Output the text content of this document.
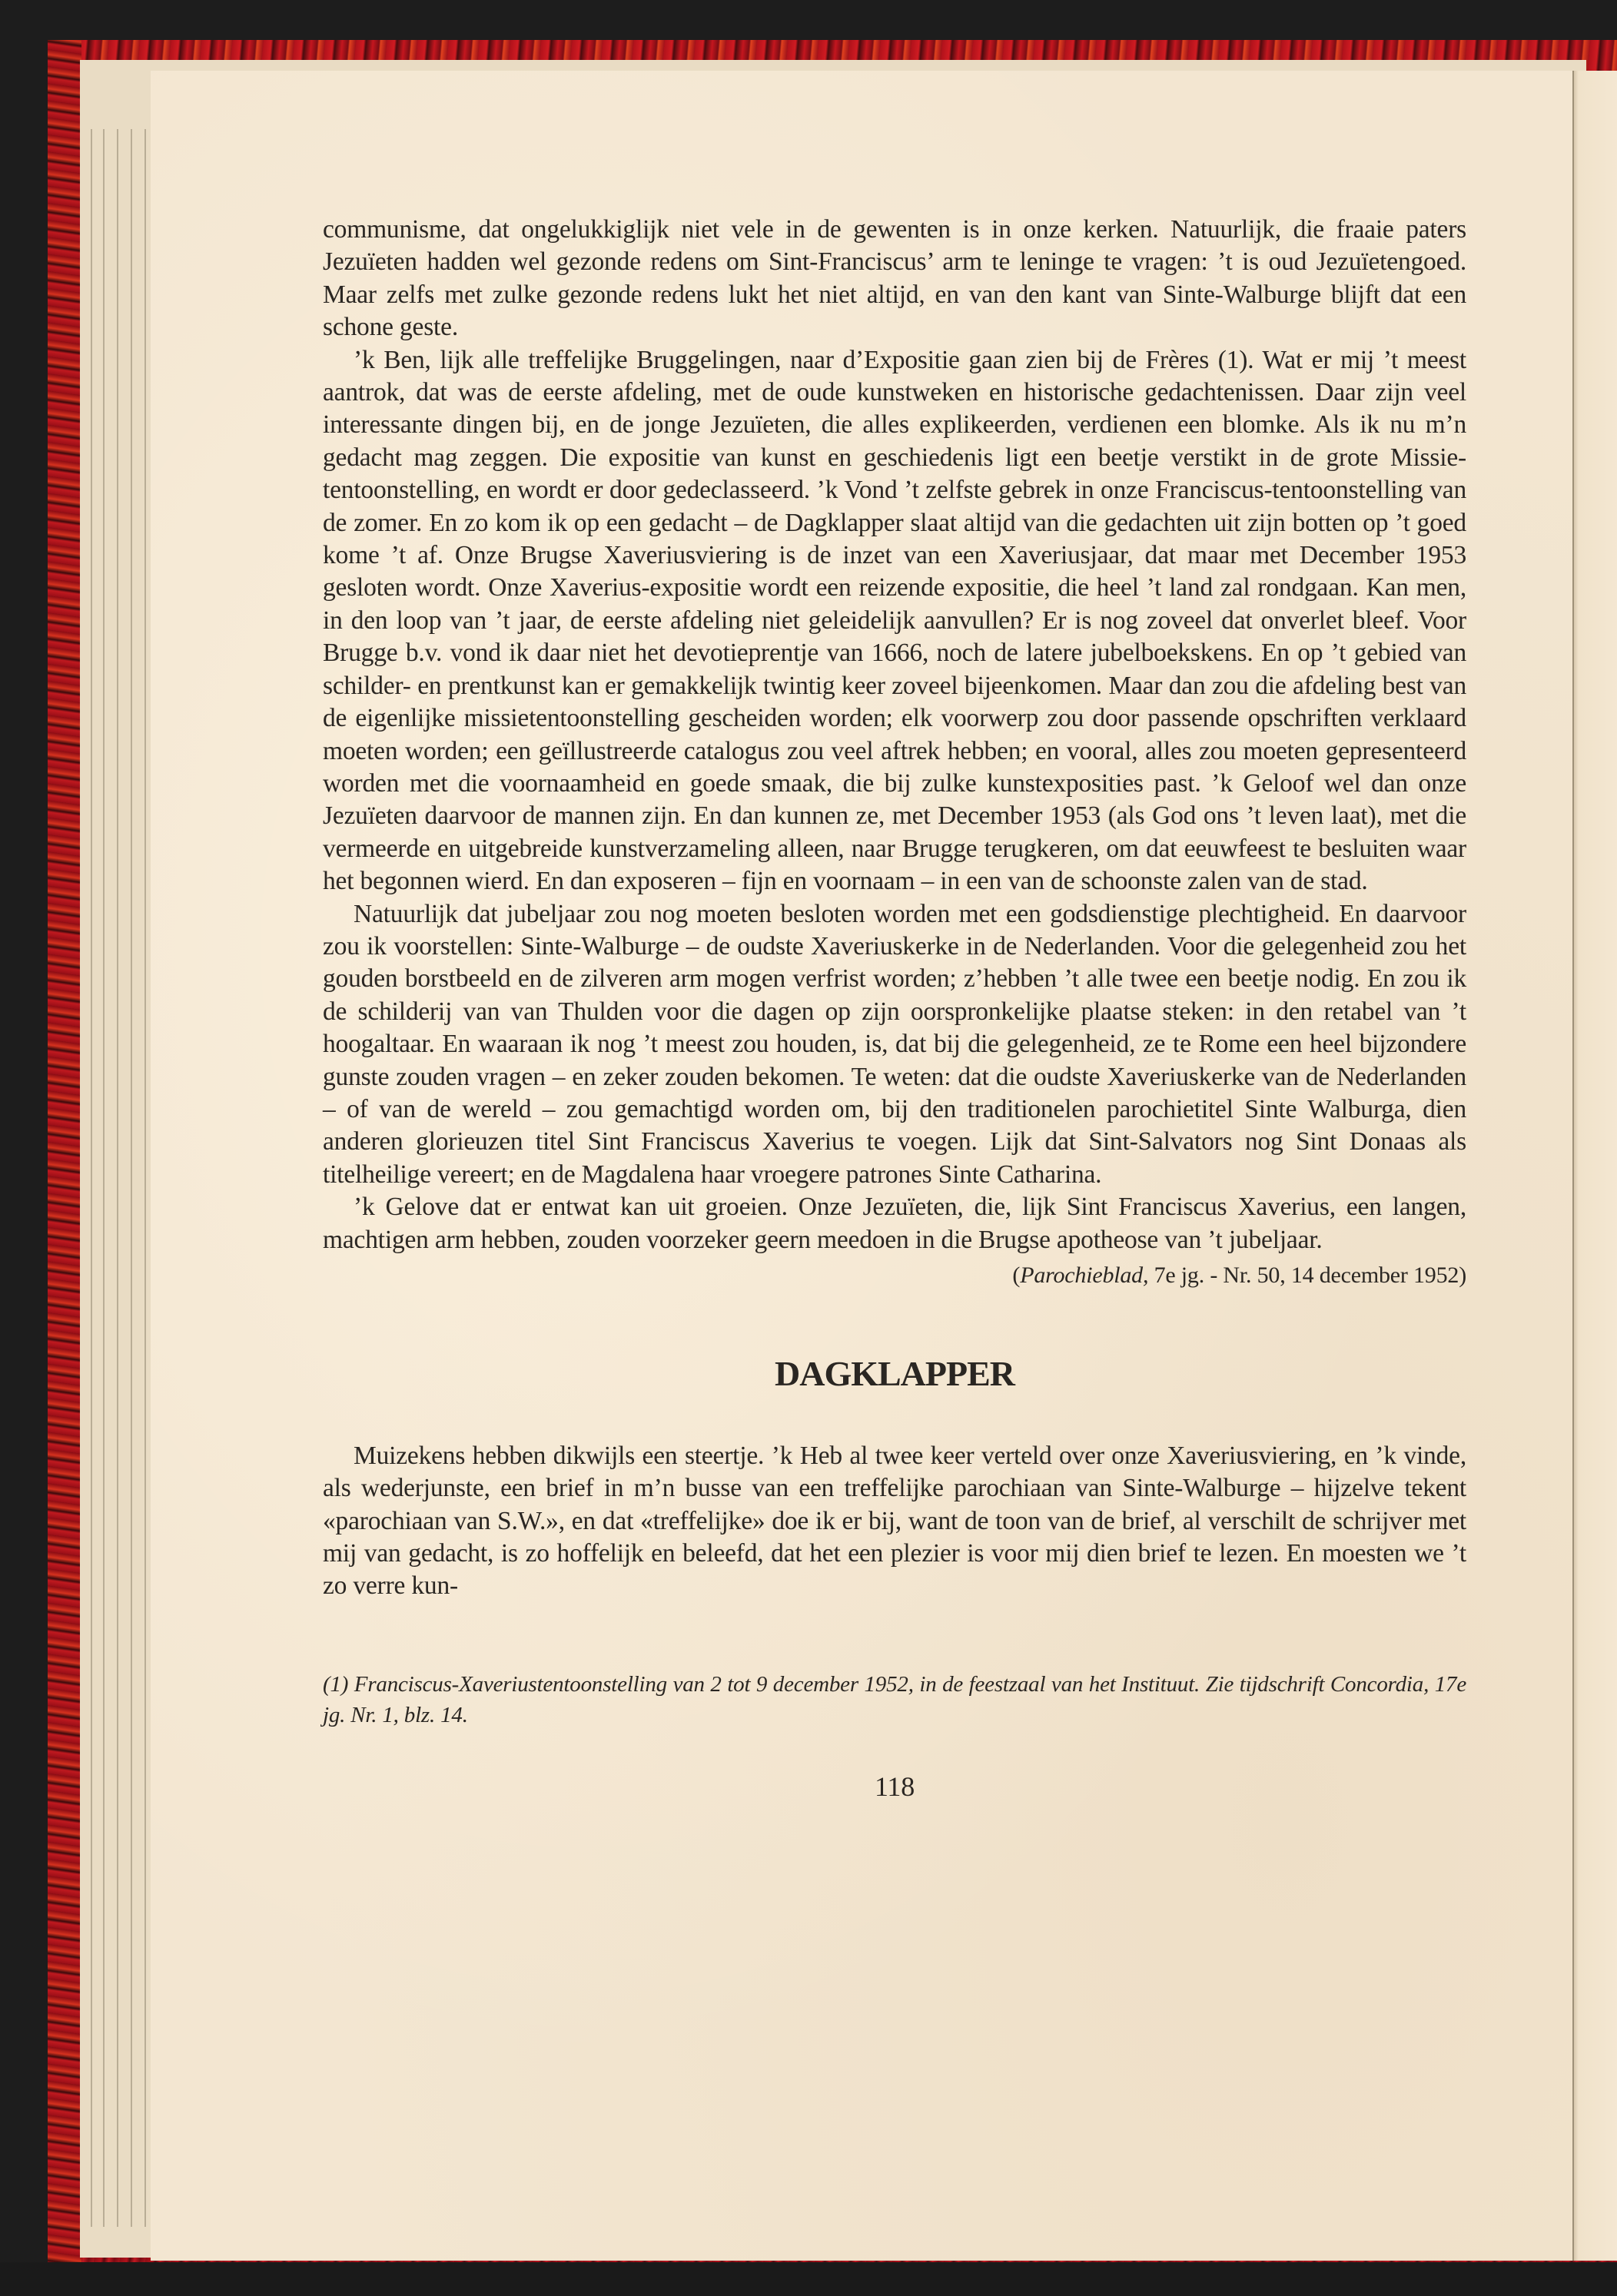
communisme, dat ongelukkiglijk niet vele in de gewenten is in onze kerken. Natuurlijk, die fraaie paters Jezuïeten hadden wel gezonde redens om Sint-Franciscus’ arm te leninge te vragen: ’t is oud Jezuïetengoed. Maar zelfs met zulke gezonde redens lukt het niet altijd, en van den kant van Sinte-Walburge blijft dat een schone geste.

’k Ben, lijk alle treffelijke Bruggelingen, naar d’Expositie gaan zien bij de Frères (1). Wat er mij ’t meest aantrok, dat was de eerste afdeling, met de oude kunstweken en historische gedachtenissen. Daar zijn veel interessante dingen bij, en de jonge Jezuïeten, die alles explikeerden, verdienen een blomke. Als ik nu m’n gedacht mag zeggen. Die expositie van kunst en geschiedenis ligt een beetje verstikt in de grote Missie-tentoonstelling, en wordt er door gedeclasseerd. ’k Vond ’t zelfste gebrek in onze Franciscus-tentoonstelling van de zomer. En zo kom ik op een gedacht – de Dagklapper slaat altijd van die gedachten uit zijn botten op ’t goed kome ’t af. Onze Brugse Xaveriusviering is de inzet van een Xaveriusjaar, dat maar met December 1953 gesloten wordt. Onze Xaverius-expositie wordt een reizende expositie, die heel ’t land zal rondgaan. Kan men, in den loop van ’t jaar, de eerste afdeling niet geleidelijk aanvullen? Er is nog zoveel dat onverlet bleef. Voor Brugge b.v. vond ik daar niet het devotieprentje van 1666, noch de latere jubelboekskens. En op ’t gebied van schilder- en prentkunst kan er gemakkelijk twintig keer zoveel bijeenkomen. Maar dan zou die afdeling best van de eigenlijke missietentoonstelling gescheiden worden; elk voorwerp zou door passende opschriften verklaard moeten worden; een geïllustreerde catalogus zou veel aftrek hebben; en vooral, alles zou moeten gepresenteerd worden met die voornaamheid en goede smaak, die bij zulke kunstexposities past. ’k Geloof wel dan onze Jezuïeten daarvoor de mannen zijn. En dan kunnen ze, met December 1953 (als God ons ’t leven laat), met die vermeerde en uitgebreide kunstverzameling alleen, naar Brugge terugkeren, om dat eeuwfeest te besluiten waar het begonnen wierd. En dan exposeren – fijn en voornaam – in een van de schoonste zalen van de stad.

Natuurlijk dat jubeljaar zou nog moeten besloten worden met een godsdienstige plechtigheid. En daarvoor zou ik voorstellen: Sinte-Walburge – de oudste Xaveriuskerke in de Nederlanden. Voor die gelegenheid zou het gouden borstbeeld en de zilveren arm mogen verfrist worden; z’hebben ’t alle twee een beetje nodig. En zou ik de schilderij van van Thulden voor die dagen op zijn oorspronkelijke plaatse steken: in den retabel van ’t hoogaltaar. En waaraan ik nog ’t meest zou houden, is, dat bij die gelegenheid, ze te Rome een heel bijzondere gunste zouden vragen – en zeker zouden bekomen. Te weten: dat die oudste Xaveriuskerke van de Nederlanden – of van de wereld – zou gemachtigd worden om, bij den traditionelen parochietitel Sinte Walburga, dien anderen glorieuzen titel Sint Franciscus Xaverius te voegen. Lijk dat Sint-Salvators nog Sint Donaas als titelheilige vereert; en de Magdalena haar vroegere patrones Sinte Catharina.

’k Gelove dat er entwat kan uit groeien. Onze Jezuïeten, die, lijk Sint Franciscus Xaverius, een langen, machtigen arm hebben, zouden voorzeker geern meedoen in die Brugse apotheose van ’t jubeljaar.

(Parochieblad, 7e jg. - Nr. 50, 14 december 1952)
DAGKLAPPER

Muizekens hebben dikwijls een steertje. ’k Heb al twee keer verteld over onze Xaveriusviering, en ’k vinde, als wederjunste, een brief in m’n busse van een treffelijke parochiaan van Sinte-Walburge – hijzelve tekent «parochiaan van S.W.», en dat «treffelijke» doe ik er bij, want de toon van de brief, al verschilt de schrijver met mij van gedacht, is zo hoffelijk en beleefd, dat het een plezier is voor mij dien brief te lezen. En moesten we ’t zo verre kun-

(1) Franciscus-Xaveriustentoonstelling van 2 tot 9 december 1952, in de feestzaal van het Instituut. Zie tijdschrift Concordia, 17e jg. Nr. 1, blz. 14.
118
